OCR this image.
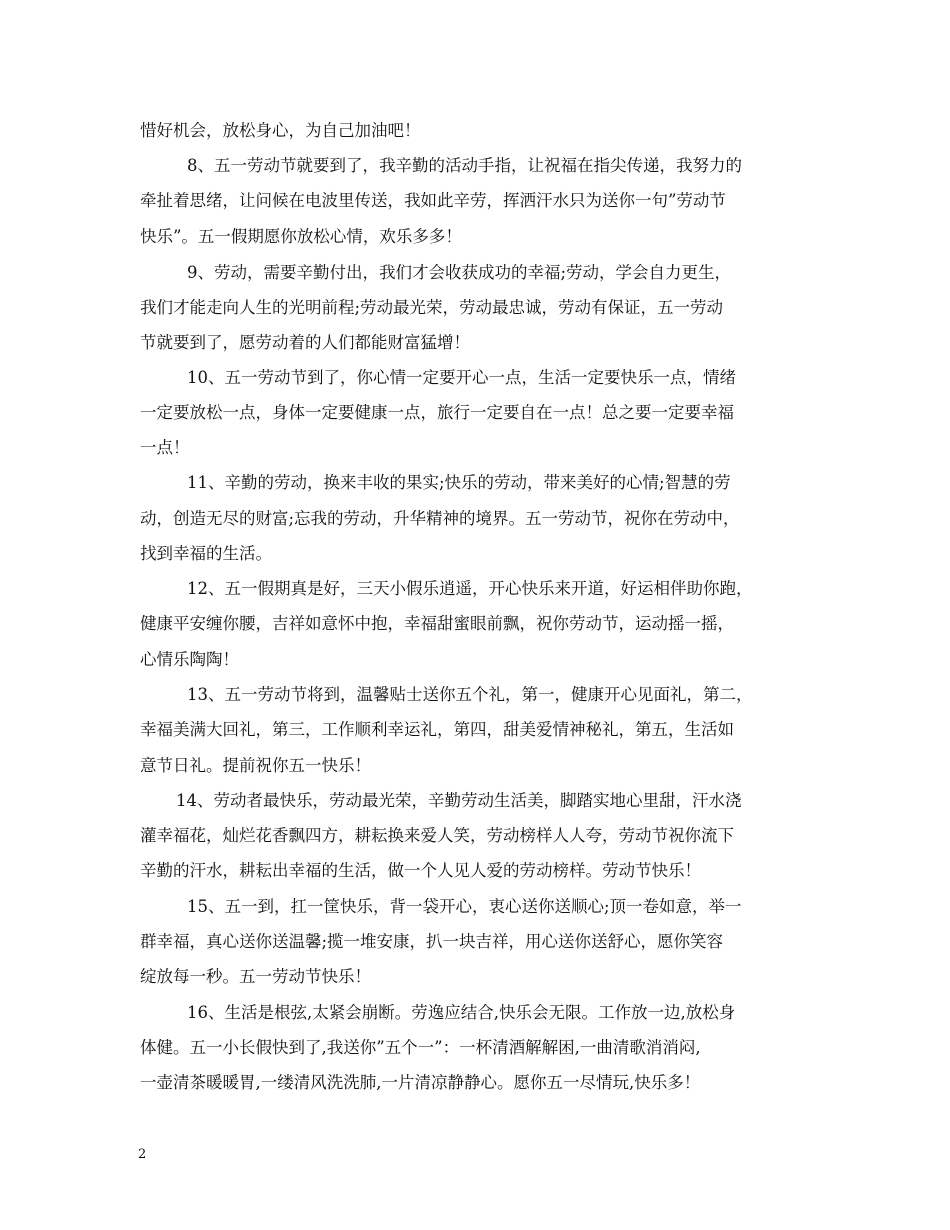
惜好机会，放松身心，为自己加油吧！
8、五一劳动节就要到了，我辛勤的活动手指，让祝福在指尖传递，我努力的
牵扯着思绪，让问候在电波里传送，我如此辛劳，挥洒汗水只为送你一句”劳动节
快乐”。五一假期愿你放松心情，欢乐多多！
9、劳动，需要辛勤付出，我们才会收获成功的幸福;劳动，学会自力更生，
我们才能走向人生的光明前程;劳动最光荣，劳动最忠诚，劳动有保证，五一劳动
节就要到了，愿劳动着的人们都能财富猛增！
10、五一劳动节到了，你心情一定要开心一点，生活一定要快乐一点，情绪
一定要放松一点，身体一定要健康一点，旅行一定要自在一点！总之要一定要幸福
一点！
11、辛勤的劳动，换来丰收的果实;快乐的劳动，带来美好的心情;智慧的劳
动，创造无尽的财富;忘我的劳动，升华精神的境界。五一劳动节，祝你在劳动中，
找到幸福的生活。
12、五一假期真是好，三天小假乐逍遥，开心快乐来开道，好运相伴助你跑，
健康平安缠你腰，吉祥如意怀中抱，幸福甜蜜眼前飘，祝你劳动节，运动摇一摇，
心情乐陶陶！
13、五一劳动节将到，温馨贴士送你五个礼，第一，健康开心见面礼，第二，
幸福美满大回礼，第三，工作顺利幸运礼，第四，甜美爱情神秘礼，第五，生活如
意节日礼。提前祝你五一快乐！
14、劳动者最快乐，劳动最光荣，辛勤劳动生活美，脚踏实地心里甜，汗水浇
灌幸福花，灿烂花香飘四方，耕耘换来爱人笑，劳动榜样人人夸，劳动节祝你流下
辛勤的汗水，耕耘出幸福的生活，做一个人见人爱的劳动榜样。劳动节快乐！
15、五一到，扛一筐快乐，背一袋开心，衷心送你送顺心;顶一卷如意，举一
群幸福，真心送你送温馨;揽一堆安康，扒一块吉祥，用心送你送舒心，愿你笑容
绽放每一秒。五一劳动节快乐！
16、生活是根弦,太紧会崩断。劳逸应结合,快乐会无限。工作放一边,放松身
体健。五一小长假快到了,我送你”五个一”：一杯清酒解解困,一曲清歌消消闷,
一壶清茶暖暖胃,一缕清风洗洗肺,一片清凉静静心。愿你五一尽情玩,快乐多！
2
